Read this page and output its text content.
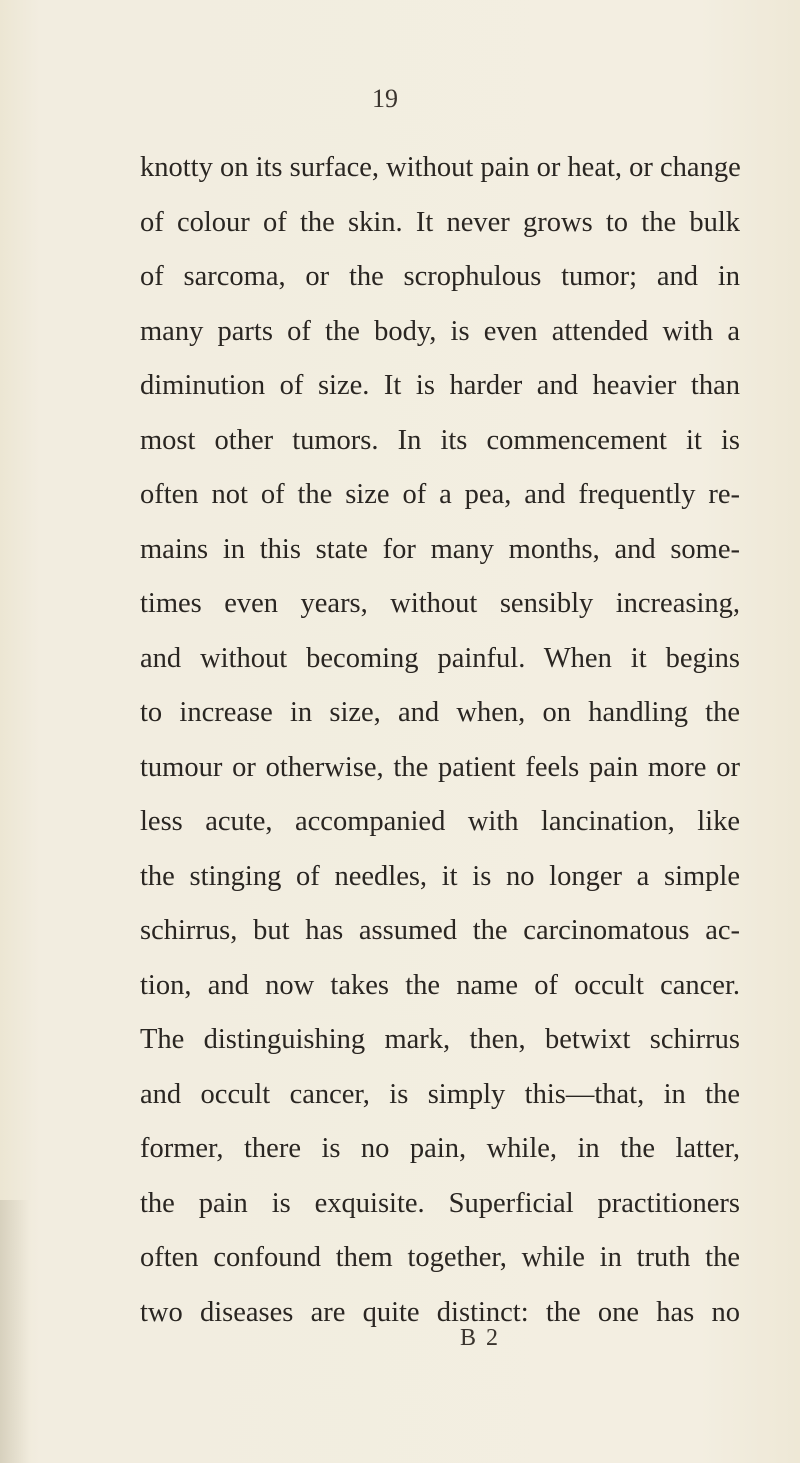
19
knotty on its surface, without pain or heat, or change
of colour of the skin. It never grows to the bulk
of sarcoma, or the scrophulous tumor; and in
many parts of the body, is even attended with a
diminution of size. It is harder and heavier than
most other tumors. In its commencement it is
often not of the size of a pea, and frequently re-
mains in this state for many months, and some-
times even years, without sensibly increasing,
and without becoming painful. When it begins
to increase in size, and when, on handling the
tumour or otherwise, the patient feels pain more or
less acute, accompanied with lancination, like
the stinging of needles, it is no longer a simple
schirrus, but has assumed the carcinomatous ac-
tion, and now takes the name of occult cancer.
The distinguishing mark, then, betwixt schirrus
and occult cancer, is simply this—that, in the
former, there is no pain, while, in the latter,
the pain is exquisite. Superficial practitioners
often confound them together, while in truth the
two diseases are quite distinct: the one has no
B 2
